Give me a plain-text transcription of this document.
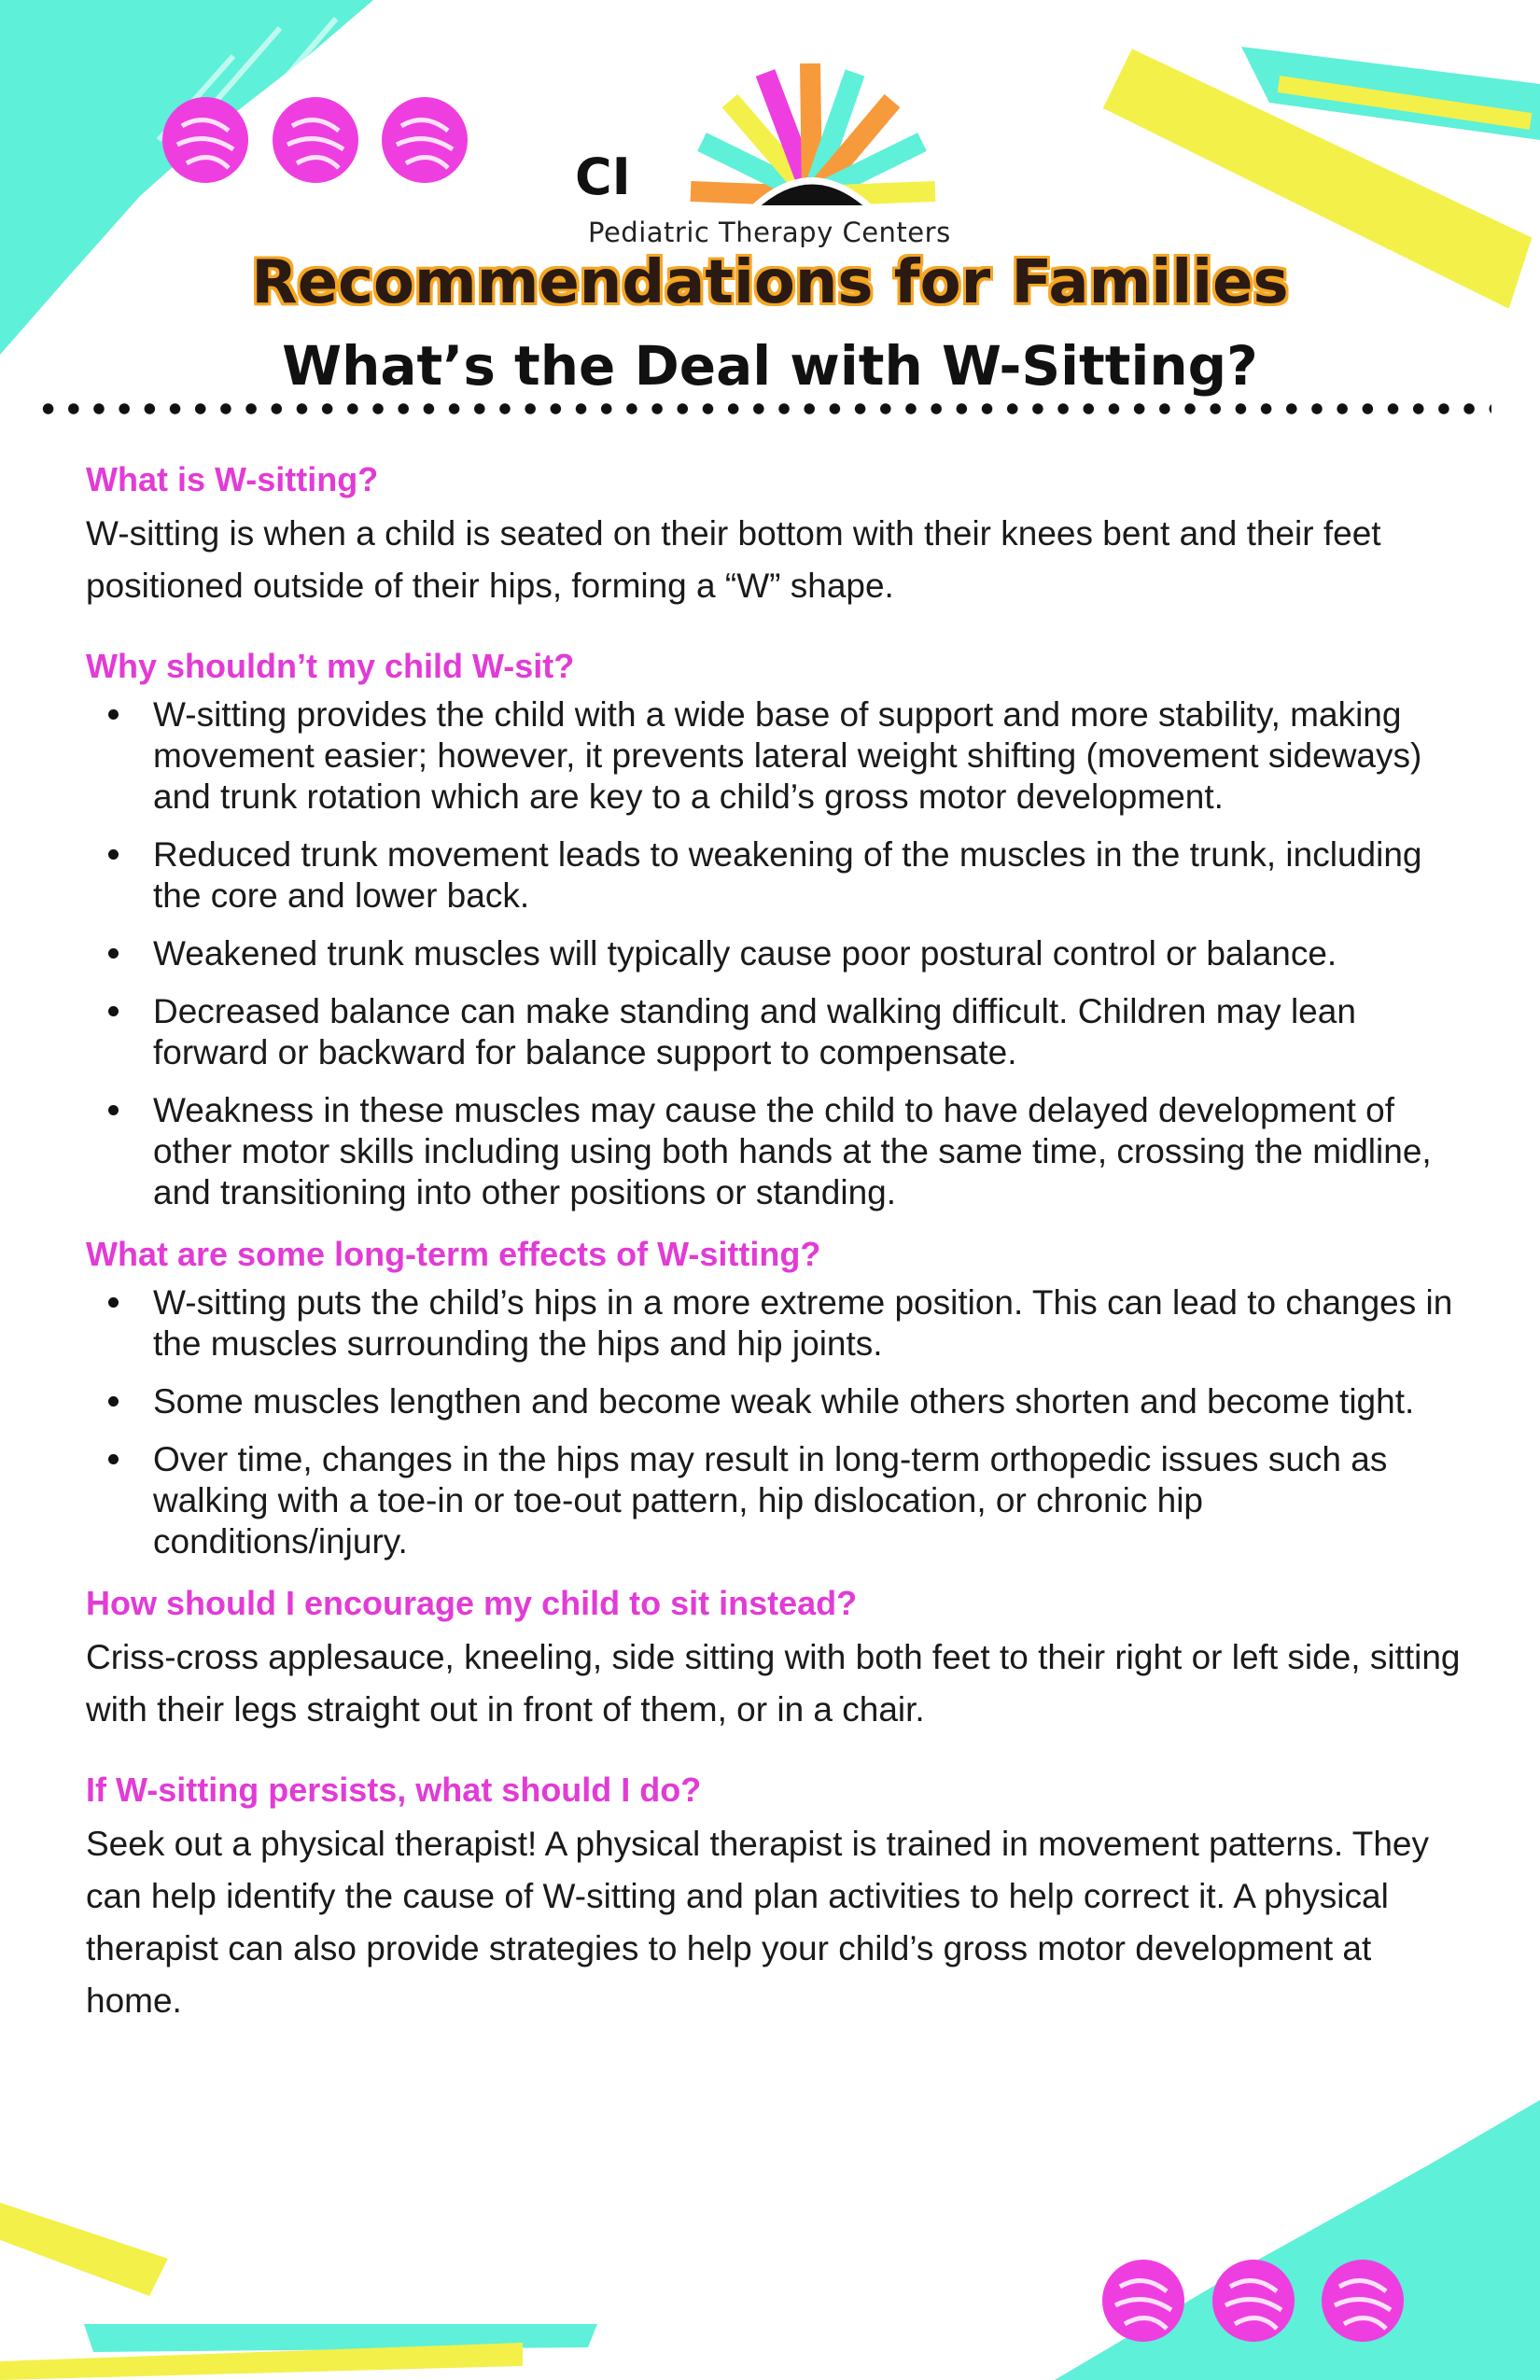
CI
Pediatric Therapy Centers
Recommendations for Families
What’s the Deal with W-Sitting?
What is W-sitting?

W-sitting is when a child is seated on their bottom with their knees bent and their feet positioned outside of their hips, forming a “W” shape.

Why shouldn’t my child W-sit?
W-sitting provides the child with a wide base of support and more stability, making movement easier; however, it prevents lateral weight shifting (movement sideways) and trunk rotation which are key to a child’s gross motor development.
Reduced trunk movement leads to weakening of the muscles in the trunk, including the core and lower back.
Weakened trunk muscles will typically cause poor postural control or balance.
Decreased balance can make standing and walking difficult. Children may lean forward or backward for balance support to compensate.
Weakness in these muscles may cause the child to have delayed development of other motor skills including using both hands at the same time, crossing the midline, and transitioning into other positions or standing.
What are some long-term effects of W-sitting?
W-sitting puts the child’s hips in a more extreme position. This can lead to changes in the muscles surrounding the hips and hip joints.
Some muscles lengthen and become weak while others shorten and become tight.
Over time, changes in the hips may result in long-term orthopedic issues such as walking with a toe-in or toe-out pattern, hip dislocation, or chronic hip conditions/injury.
How should I encourage my child to sit instead?

Criss-cross applesauce, kneeling, side sitting with both feet to their right or left side, sitting with their legs straight out in front of them, or in a chair.

If W-sitting persists, what should I do?

Seek out a physical therapist! A physical therapist is trained in movement patterns. They can help identify the cause of W-sitting and plan activities to help correct it. A physical therapist can also provide strategies to help your child’s gross motor development at home.
